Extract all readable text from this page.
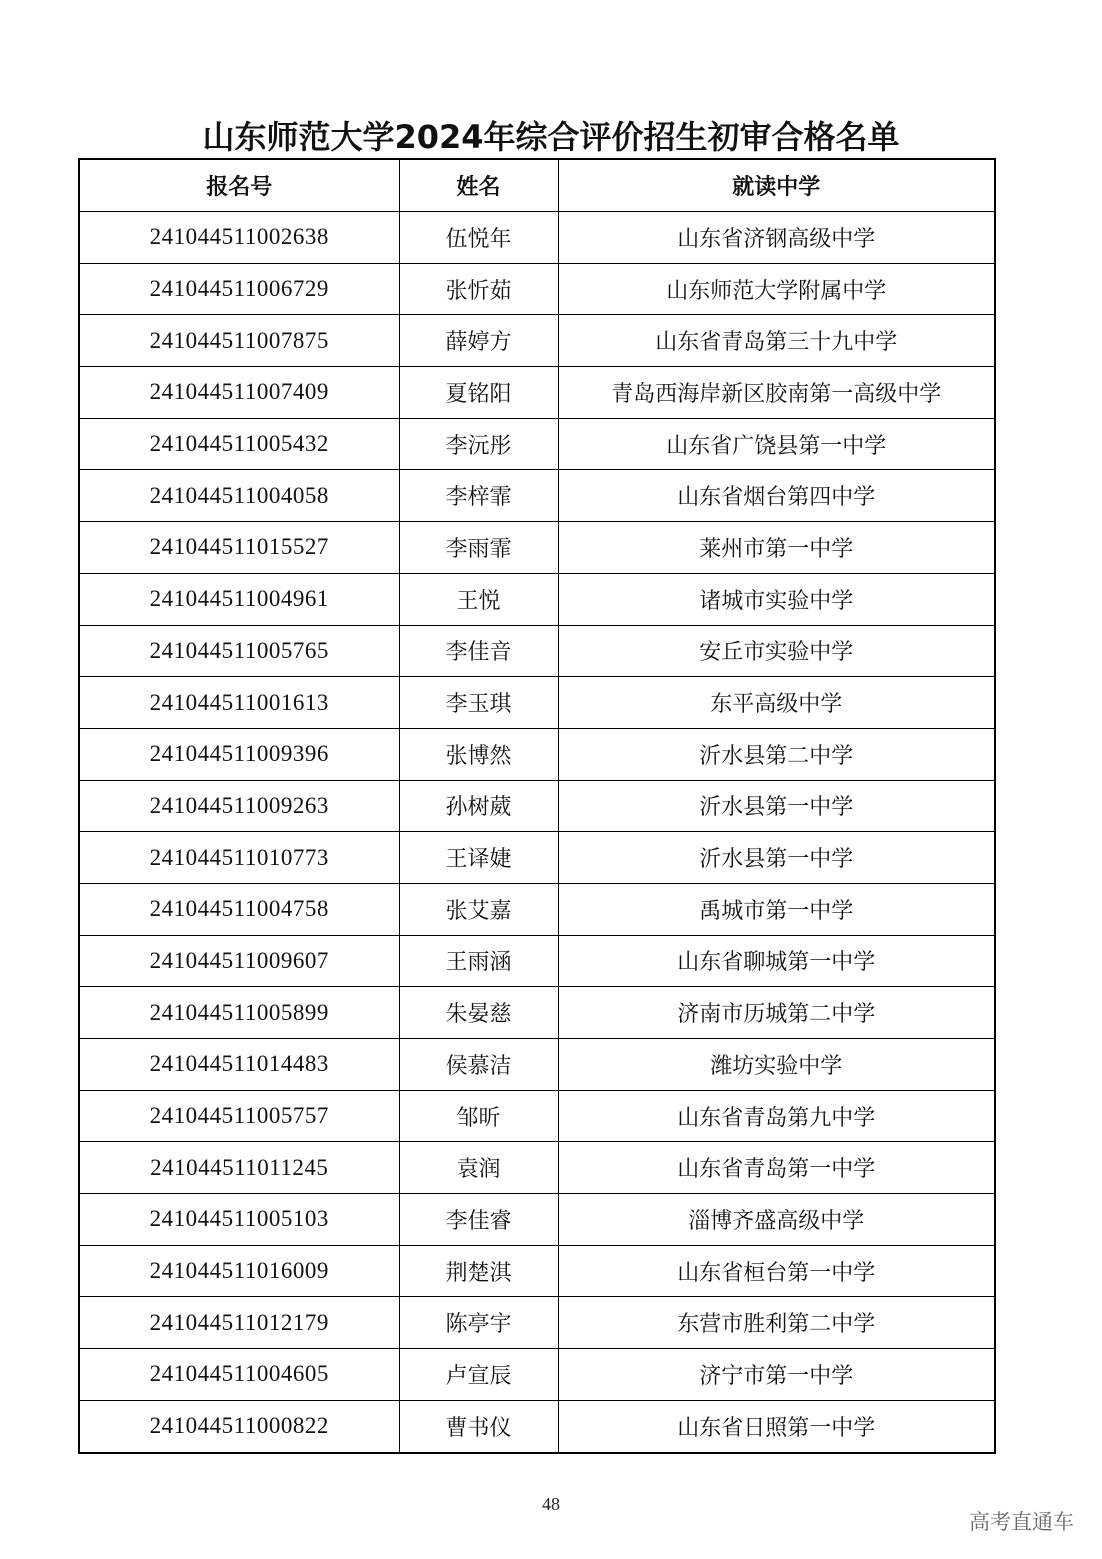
山东师范大学2024年综合评价招生初审合格名单
报名号	姓名	就读中学
241044511002638	伍悦年	山东省济钢高级中学
241044511006729	张忻茹	山东师范大学附属中学
241044511007875	薛婷方	山东省青岛第三十九中学
241044511007409	夏铭阳	青岛西海岸新区胶南第一高级中学
241044511005432	李沅彤	山东省广饶县第一中学
241044511004058	李梓霏	山东省烟台第四中学
241044511015527	李雨霏	莱州市第一中学
241044511004961	王悦	诸城市实验中学
241044511005765	李佳音	安丘市实验中学
241044511001613	李玉琪	东平高级中学
241044511009396	张博然	沂水县第二中学
241044511009263	孙树葳	沂水县第一中学
241044511010773	王译婕	沂水县第一中学
241044511004758	张艾嘉	禹城市第一中学
241044511009607	王雨涵	山东省聊城第一中学
241044511005899	朱晏慈	济南市历城第二中学
241044511014483	侯慕洁	潍坊实验中学
241044511005757	邹昕	山东省青岛第九中学
241044511011245	袁润	山东省青岛第一中学
241044511005103	李佳睿	淄博齐盛高级中学
241044511016009	荆楚淇	山东省桓台第一中学
241044511012179	陈亭宇	东营市胜利第二中学
241044511004605	卢宣辰	济宁市第一中学
241044511000822	曹书仪	山东省日照第一中学
48
高考直通车
